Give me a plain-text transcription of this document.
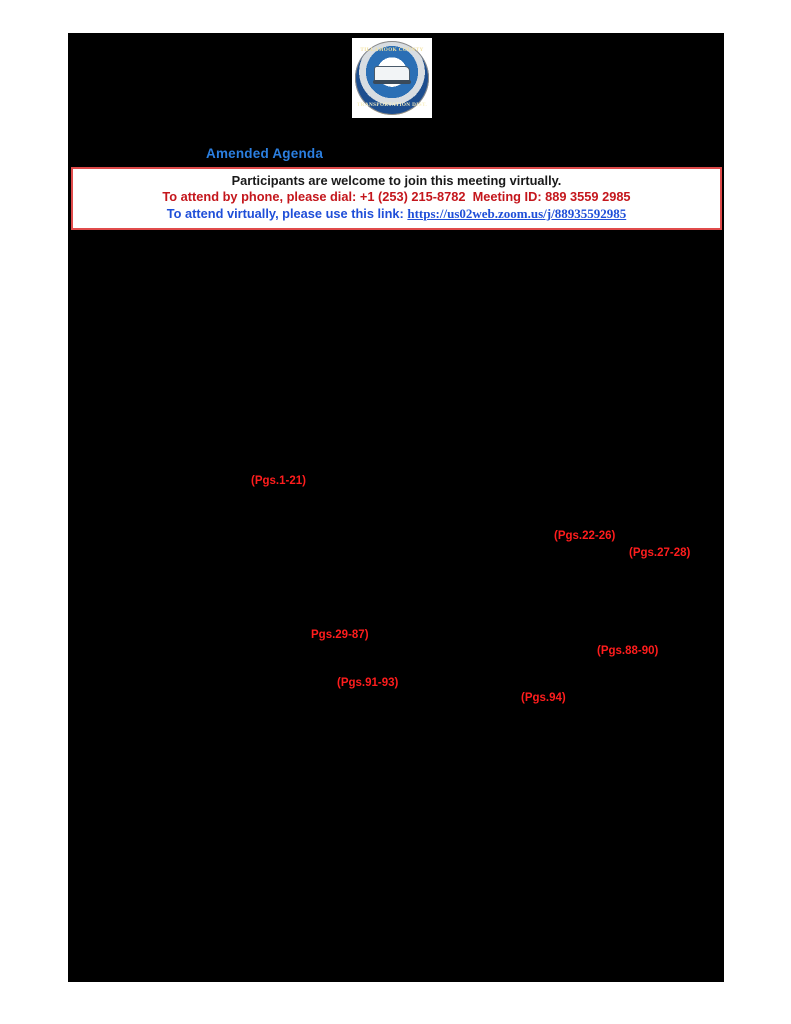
TILLAMOOK COUNTY
TRANSPORTATION DIST.
Amended Agenda
Participants are welcome to join this meeting virtually.
To attend by phone, please dial: +1 (253) 215-8782 Meeting ID: 889 3559 2985
To attend virtually, please use this link: https://us02web.zoom.us/j/88935592985
(Pgs.1-21)
(Pgs.22-26)
(Pgs.27-28)
Pgs.29-87)
(Pgs.88-90)
(Pgs.91-93)
(Pgs.94)
